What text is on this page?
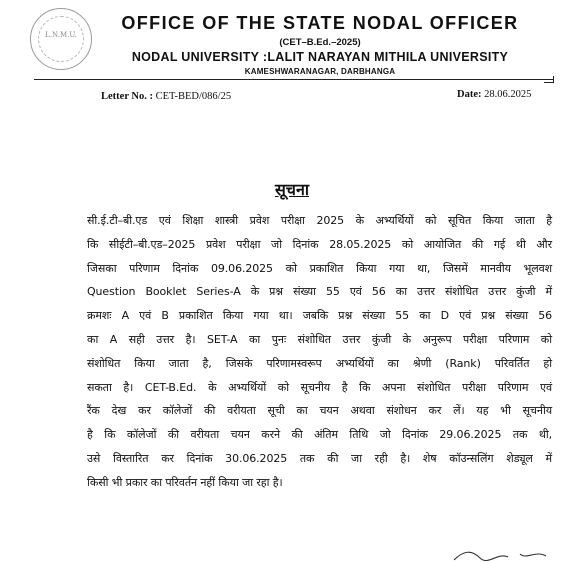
L.N.M.U.
OFFICE OF THE STATE NODAL OFFICER
(CET–B.Ed.–2025)
NODAL UNIVERSITY :LALIT NARAYAN MITHILA UNIVERSITY
KAMESHWARANAGAR, DARBHANGA
Letter No. : CET-BED/086/25	Date: 28.06.2025
सूचना
सी.ई.टी–बी.एड एवं शिक्षा शास्त्री प्रवेश परीक्षा 2025 के अभ्यर्थियों को सूचित किया जाता है
कि सीईटी–बी.एड–2025 प्रवेश परीक्षा जो दिनांक 28.05.2025 को आयोजित की गई थी और
जिसका परिणाम दिनांक 09.06.2025 को प्रकाशित किया गया था, जिसमें मानवीय भूलवश
Question Booklet Series-A के प्रश्न संख्या 55 एवं 56 का उत्तर संशोधित उत्तर कुंजी में
क्रमशः A एवं B प्रकाशित किया गया था। जबकि प्रश्न संख्या 55 का D एवं प्रश्न संख्या 56
का A सही उत्तर है। SET-A का पुनः संशोधित उत्तर कुंजी के अनुरूप परीक्षा परिणाम को
संशोधित किया जाता है, जिसके परिणामस्वरूप अभ्यर्थियों का श्रेणी (Rank) परिवर्तित हो
सकता है। CET-B.Ed. के अभ्यर्थियों को सूचनीय है कि अपना संशोधित परीक्षा परिणाम एवं
रैंक देख कर कॉलेजों की वरीयता सूची का चयन अथवा संशोधन कर लें। यह भी सूचनीय
है कि कॉलेजों की वरीयता चयन करने की अंतिम तिथि जो दिनांक 29.06.2025 तक थी,
उसे विस्तारित कर दिनांक 30.06.2025 तक की जा रही है। शेष कॉउन्सलिंग शेड्यूल में
किसी भी प्रकार का परिवर्तन नहीं किया जा रहा है।
